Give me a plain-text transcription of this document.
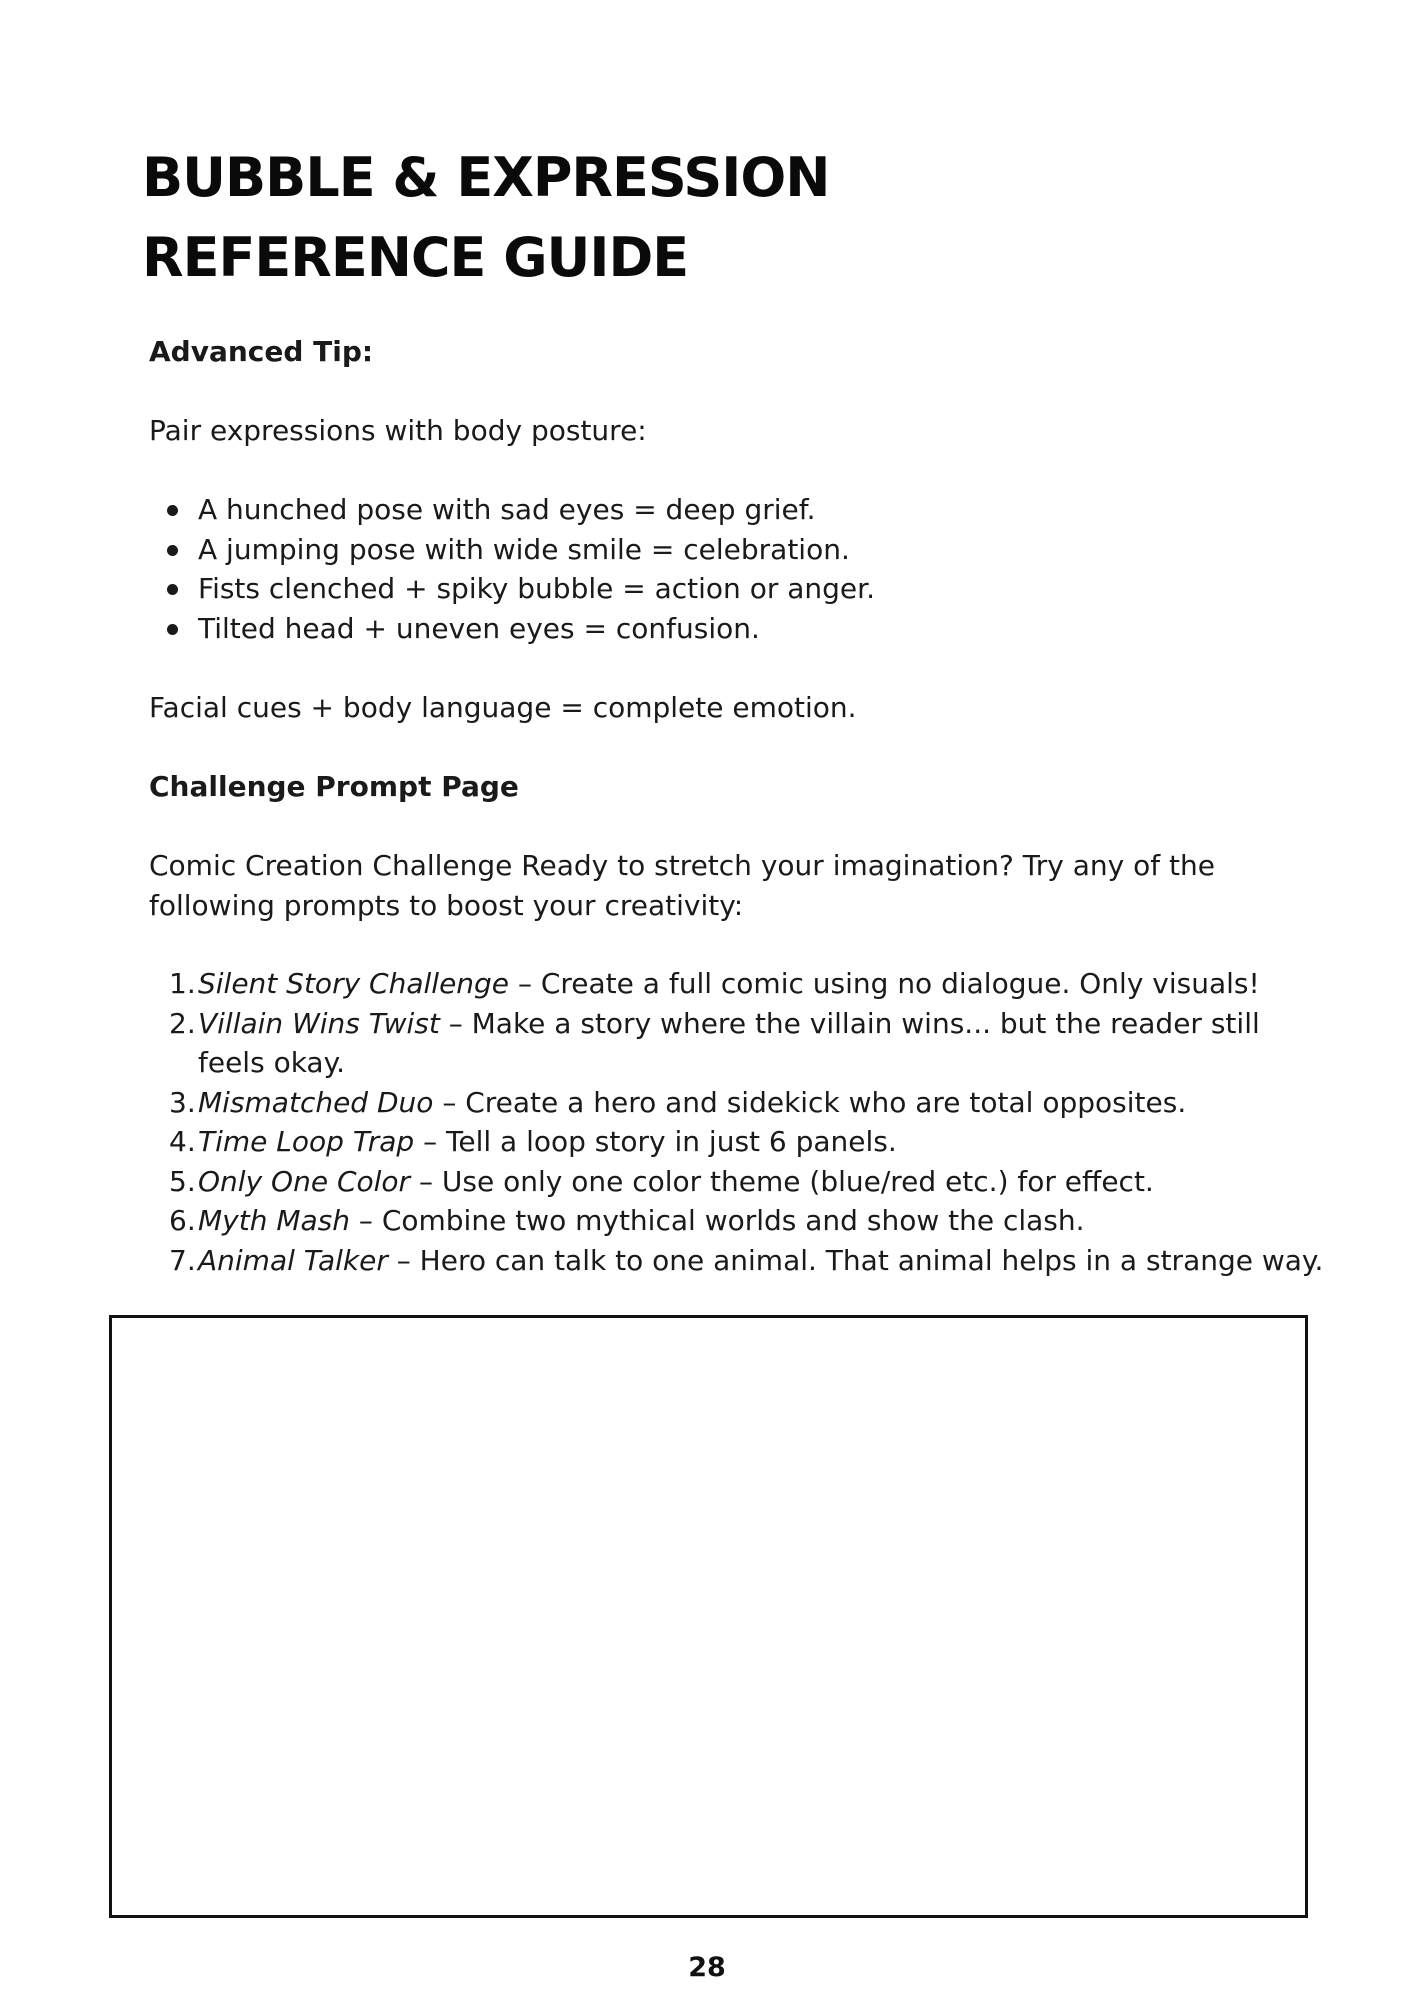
BUBBLE & EXPRESSION
REFERENCE GUIDE

Advanced Tip:

Pair expressions with body posture:

A hunched pose with sad eyes = deep grief.
A jumping pose with wide smile = celebration.
Fists clenched + spiky bubble = action or anger.
Tilted head + uneven eyes = confusion.

Facial cues + body language = complete emotion.

Challenge Prompt Page

Comic Creation Challenge Ready to stretch your imagination? Try any of the following prompts to boost your creativity:

1. Silent Story Challenge – Create a full comic using no dialogue. Only visuals!
2. Villain Wins Twist – Make a story where the villain wins... but the reader still feels okay.
3. Mismatched Duo – Create a hero and sidekick who are total opposites.
4. Time Loop Trap – Tell a loop story in just 6 panels.
5. Only One Color – Use only one color theme (blue/red etc.) for effect.
6. Myth Mash – Combine two mythical worlds and show the clash.
7. Animal Talker – Hero can talk to one animal. That animal helps in a strange way.
28
